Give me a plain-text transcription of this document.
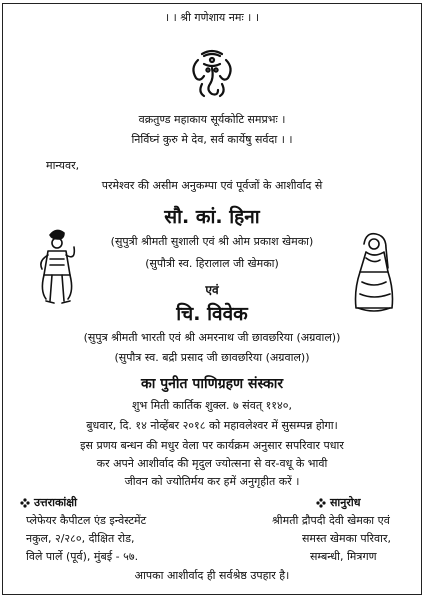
। । श्री गणेशाय नमः । ।
वक्रतुण्ड महाकाय सूर्यकोटि समप्रभः ।
निर्विघ्नं कुरु मे देव, सर्व कार्येषु सर्वदा । ।
मान्यवर,
परमेश्वर की असीम अनुकम्पा एवं पूर्वजों के आशीर्वाद से
सौ. कां. हिना
(सुपुत्री श्रीमती सुशाली एवं श्री ओम प्रकाश खेमका)
(सुपौत्री स्व. हिरालाल जी खेमका)
एवं
चि. विवेक
(सुपुत्र श्रीमती भारती एवं श्री अमरनाथ जी छावछरिया (अग्रवाल))
(सुपौत्र स्व. बद्री प्रसाद जी छावछरिया (अग्रवाल))
का पुनीत पाणिग्रहण संस्कार
शुभ मिती कार्तिक शुक्ल. ७ संवत् ११४०,
बुधवार, दि. १४ नोव्हेंबर २०१८ को महावलेश्वर में सुसम्पन्न होगा।
इस प्रणय बन्धन की मधुर वेला पर कार्यक्रम अनुसार सपरिवार पधार
कर अपने आशीर्वाद की मृदुल ज्योत्सना से वर-वधू के भावी
जीवन को ज्योतिर्मय कर हमें अनुगृहीत करें ।
उत्तराकांक्षी
प्लेफेयर कैपीटल एंड इन्वेस्टमेंट
नकुल, २/२८०, दीक्षित रोड,
विले पार्ले (पूर्व), मुंबई - ५७.
सानुरोध
श्रीमती द्रौपदी देवी खेमका एवं
समस्त खेमका परिवार,
सम्बन्धी, मित्रगण
आपका आशीर्वाद ही सर्वश्रेष्ठ उपहार है।
